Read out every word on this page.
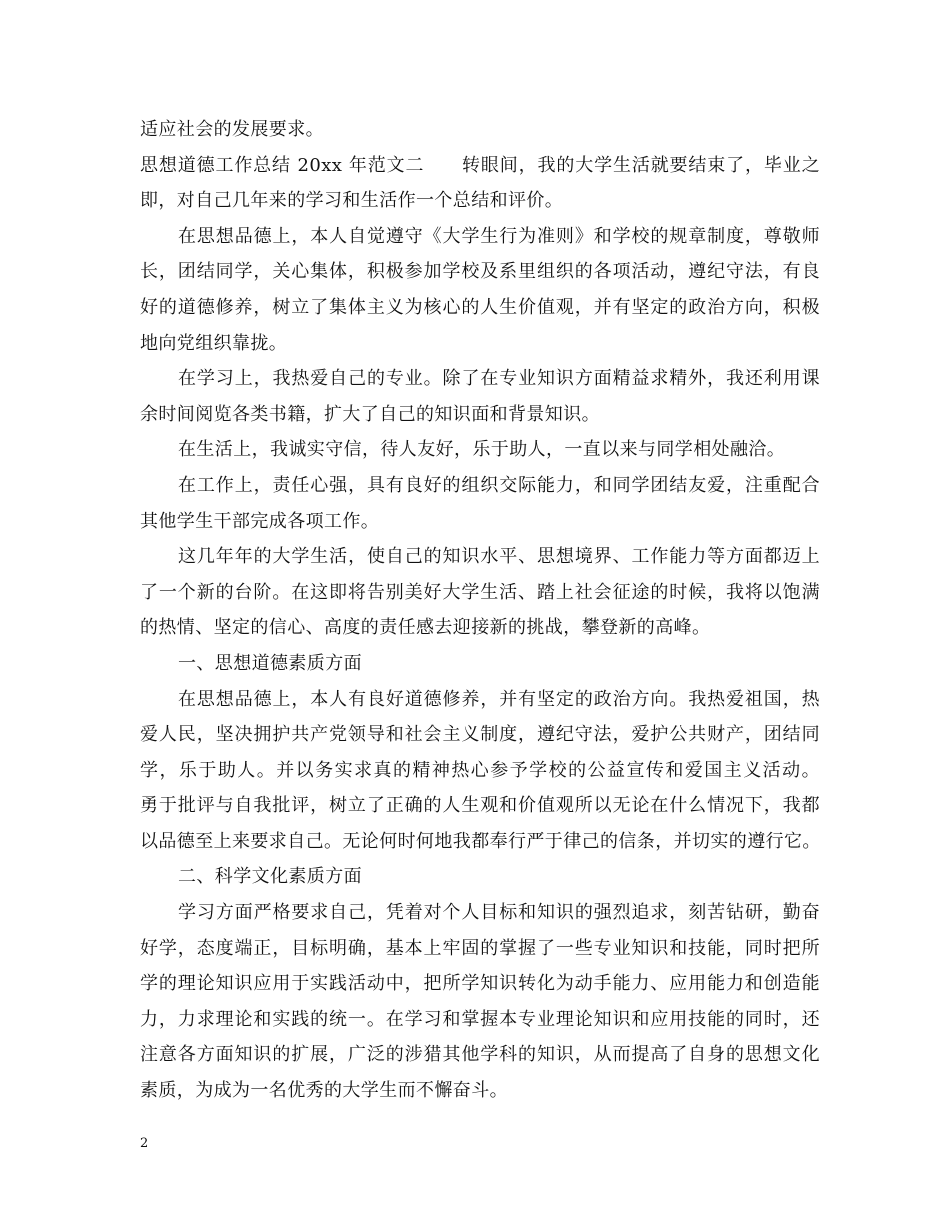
适应社会的发展要求。
思想道德工作总结 20xx 年范文二　　转眼间，我的大学生活就要结束了，毕业之
即，对自己几年来的学习和生活作一个总结和评价。
在思想品德上，本人自觉遵守《大学生行为准则》和学校的规章制度，尊敬师
长，团结同学，关心集体，积极参加学校及系里组织的各项活动，遵纪守法，有良
好的道德修养，树立了集体主义为核心的人生价值观，并有坚定的政治方向，积极
地向党组织靠拢。
在学习上，我热爱自己的专业。除了在专业知识方面精益求精外，我还利用课
余时间阅览各类书籍，扩大了自己的知识面和背景知识。
在生活上，我诚实守信，待人友好，乐于助人，一直以来与同学相处融洽。
在工作上，责任心强，具有良好的组织交际能力，和同学团结友爱，注重配合
其他学生干部完成各项工作。
这几年年的大学生活，使自己的知识水平、思想境界、工作能力等方面都迈上
了一个新的台阶。在这即将告别美好大学生活、踏上社会征途的时候，我将以饱满
的热情、坚定的信心、高度的责任感去迎接新的挑战，攀登新的高峰。
一、思想道德素质方面
在思想品德上，本人有良好道德修养，并有坚定的政治方向。我热爱祖国，热
爱人民，坚决拥护共产党领导和社会主义制度，遵纪守法，爱护公共财产，团结同
学，乐于助人。并以务实求真的精神热心参予学校的公益宣传和爱国主义活动。
勇于批评与自我批评，树立了正确的人生观和价值观所以无论在什么情况下，我都
以品德至上来要求自己。无论何时何地我都奉行严于律己的信条，并切实的遵行它。
二、科学文化素质方面
学习方面严格要求自己，凭着对个人目标和知识的强烈追求，刻苦钻研，勤奋
好学，态度端正，目标明确，基本上牢固的掌握了一些专业知识和技能，同时把所
学的理论知识应用于实践活动中，把所学知识转化为动手能力、应用能力和创造能
力，力求理论和实践的统一。在学习和掌握本专业理论知识和应用技能的同时，还
注意各方面知识的扩展，广泛的涉猎其他学科的知识，从而提高了自身的思想文化
素质，为成为一名优秀的大学生而不懈奋斗。
2
